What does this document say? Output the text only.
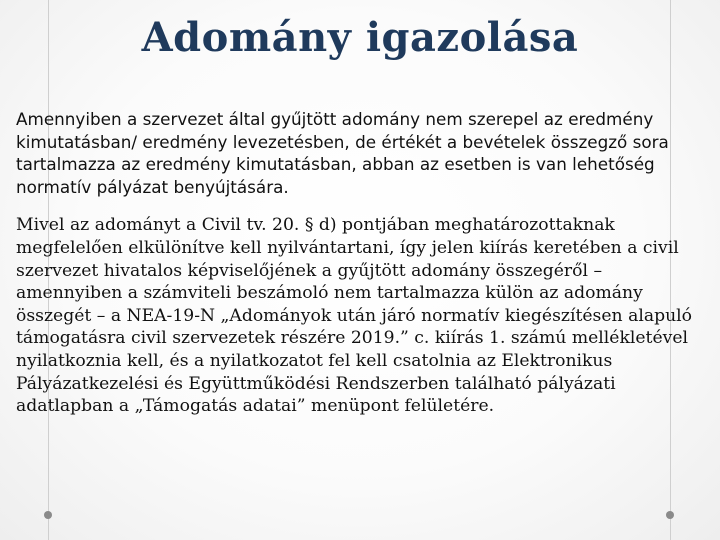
Adomány igazolása

Amennyiben a szervezet által gyűjtött adomány nem szerepel az eredmény kimutatásban/ eredmény levezetésben, de értékét a bevételek összegző sora tartalmazza az eredmény kimutatásban, abban az esetben is van lehetőség normatív pályázat benyújtására.

Mivel az adományt a Civil tv. 20. § d) pontjában meghatározottaknak megfelelően elkülönítve kell nyilvántartani, így jelen kiírás keretében a civil szervezet hivatalos képviselőjének a gyűjtött adomány összegéről – amennyiben a számviteli beszámoló nem tartalmazza külön az adomány összegét – a NEA-19-N „Adományok után járó normatív kiegészítésen alapuló támogatásra civil szervezetek részére 2019.” c. kiírás 1. számú mellékletével nyilatkoznia kell, és a nyilatkozatot fel kell csatolnia az Elektronikus Pályázatkezelési és Együttműködési Rendszerben található pályázati adatlapban a „Támogatás adatai” menüpont felületére.
